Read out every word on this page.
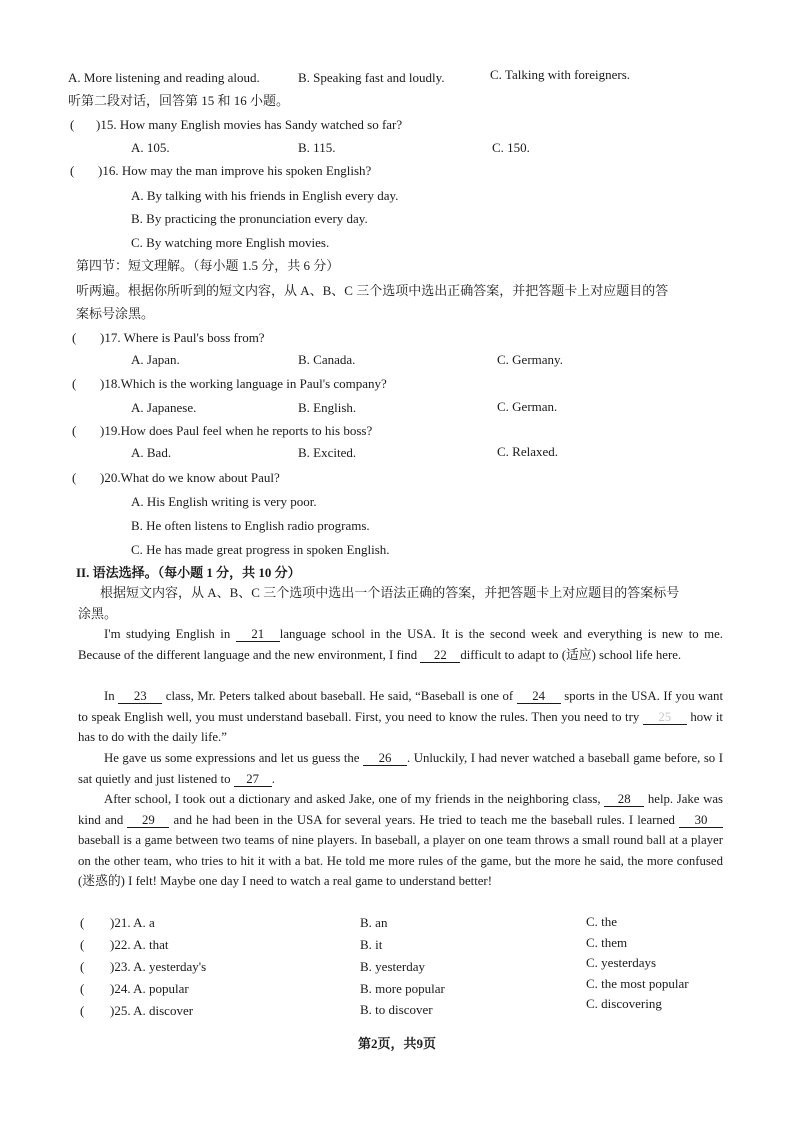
A. More listening and reading aloud.	B. Speaking fast and loudly.	C. Talking with foreigners.
听第二段对话，回答第 15 和 16 小题。
( )15. How many English movies has Sandy watched so far?
A. 105.	B. 115.	C. 150.
( )16. How may the man improve his spoken English?
A. By talking with his friends in English every day.
B. By practicing the pronunciation every day.
C. By watching more English movies.
第四节：短文理解。（每小题 1.5 分，共 6 分）
听两遍。根据你所听到的短文内容，从 A、B、C 三个选项中选出正确答案，并把答题卡上对应题目的答
案标号涂黑。
( )17. Where is Paul's boss from?
A. Japan.	B. Canada.	C. Germany.
( )18.Which is the working language in Paul's company?
A. Japanese.	B. English.	C. German.
( )19.How does Paul feel when he reports to his boss?
A. Bad.	B. Excited.	C. Relaxed.
( )20.What do we know about Paul?
A. His English writing is very poor.
B. He often listens to English radio programs.
C. He has made great progress in spoken English.
II. 语法选择。（每小题 1 分，共 10 分）
根据短文内容，从 A、B、C 三个选项中选出一个语法正确的答案，并把答题卡上对应题目的答案标号
涂黑。
I'm studying English in 21 language school in the USA. It is the second week and everything is new to me. Because of the different language and the new environment, I find 22 difficult to adapt to (适应) school life here.
In 23 class, Mr. Peters talked about baseball. He said, “Baseball is one of 24 sports in the USA. If you want to speak English well, you must understand baseball. First, you need to know the rules. Then you need to try 25 how it has to do with the daily life.”
He gave us some expressions and let us guess the 26 . Unluckily, I had never watched a baseball game before, so I sat quietly and just listened to 27 .
After school, I took out a dictionary and asked Jake, one of my friends in the neighboring class, 28 help. Jake was kind and 29 and he had been in the USA for several years. He tried to teach me the baseball rules. I learned 30 baseball is a game between two teams of nine players. In baseball, a player on one team throws a small round ball at a player on the other team, who tries to hit it with a bat. He told me more rules of the game, but the more he said, the more confused (迷惑的) I felt! Maybe one day I need to watch a real game to understand better!
( )21. A. a	B. an	C. the
( )22. A. that	B. it	C. them
( )23. A. yesterday's	B. yesterday	C. yesterdays
( )24. A. popular	B. more popular	C. the most popular
( )25. A. discover	B. to discover	C. discovering
第2页，共9页
